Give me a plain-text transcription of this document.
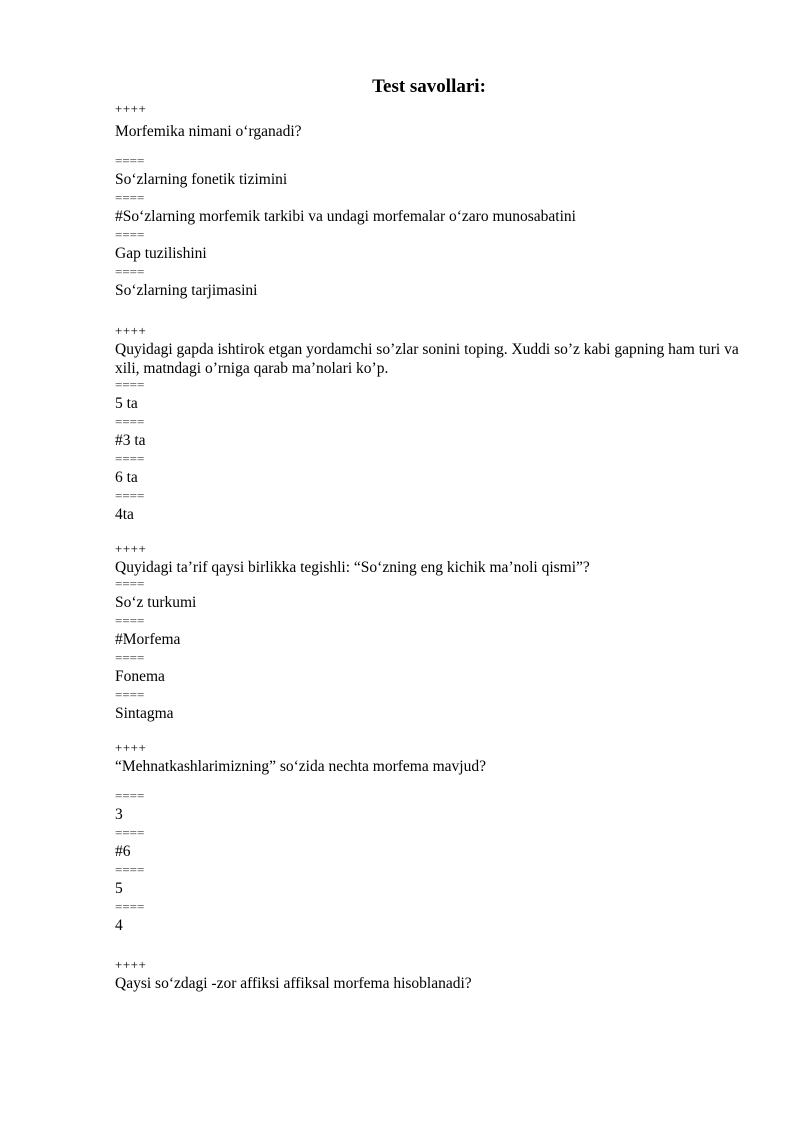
Test savollari:
++++
Morfemika nimani o‘rganadi?
====
So‘zlarning fonetik tizimini
====
#So‘zlarning morfemik tarkibi va undagi morfemalar o‘zaro munosabatini
====
Gap tuzilishini
====
So‘zlarning tarjimasini
++++
Quyidagi gapda ishtirok etgan yordamchi so’zlar sonini toping. Xuddi so’z kabi gapning ham turi va xili, matndagi o’rniga qarab ma’nolari ko’p.
====
5 ta
====
#3 ta
====
6 ta
====
4ta
++++
Quyidagi ta’rif qaysi birlikka tegishli: “So‘zning eng kichik ma’noli qismi”?
====
So‘z turkumi
====
#Morfema
====
Fonema
====
Sintagma
++++
“Mehnatkashlarimizning” so‘zida nechta morfema mavjud?
====
3
====
#6
====
5
====
4
++++
Qaysi so‘zdagi -zor affiksi affiksal morfema hisoblanadi?
